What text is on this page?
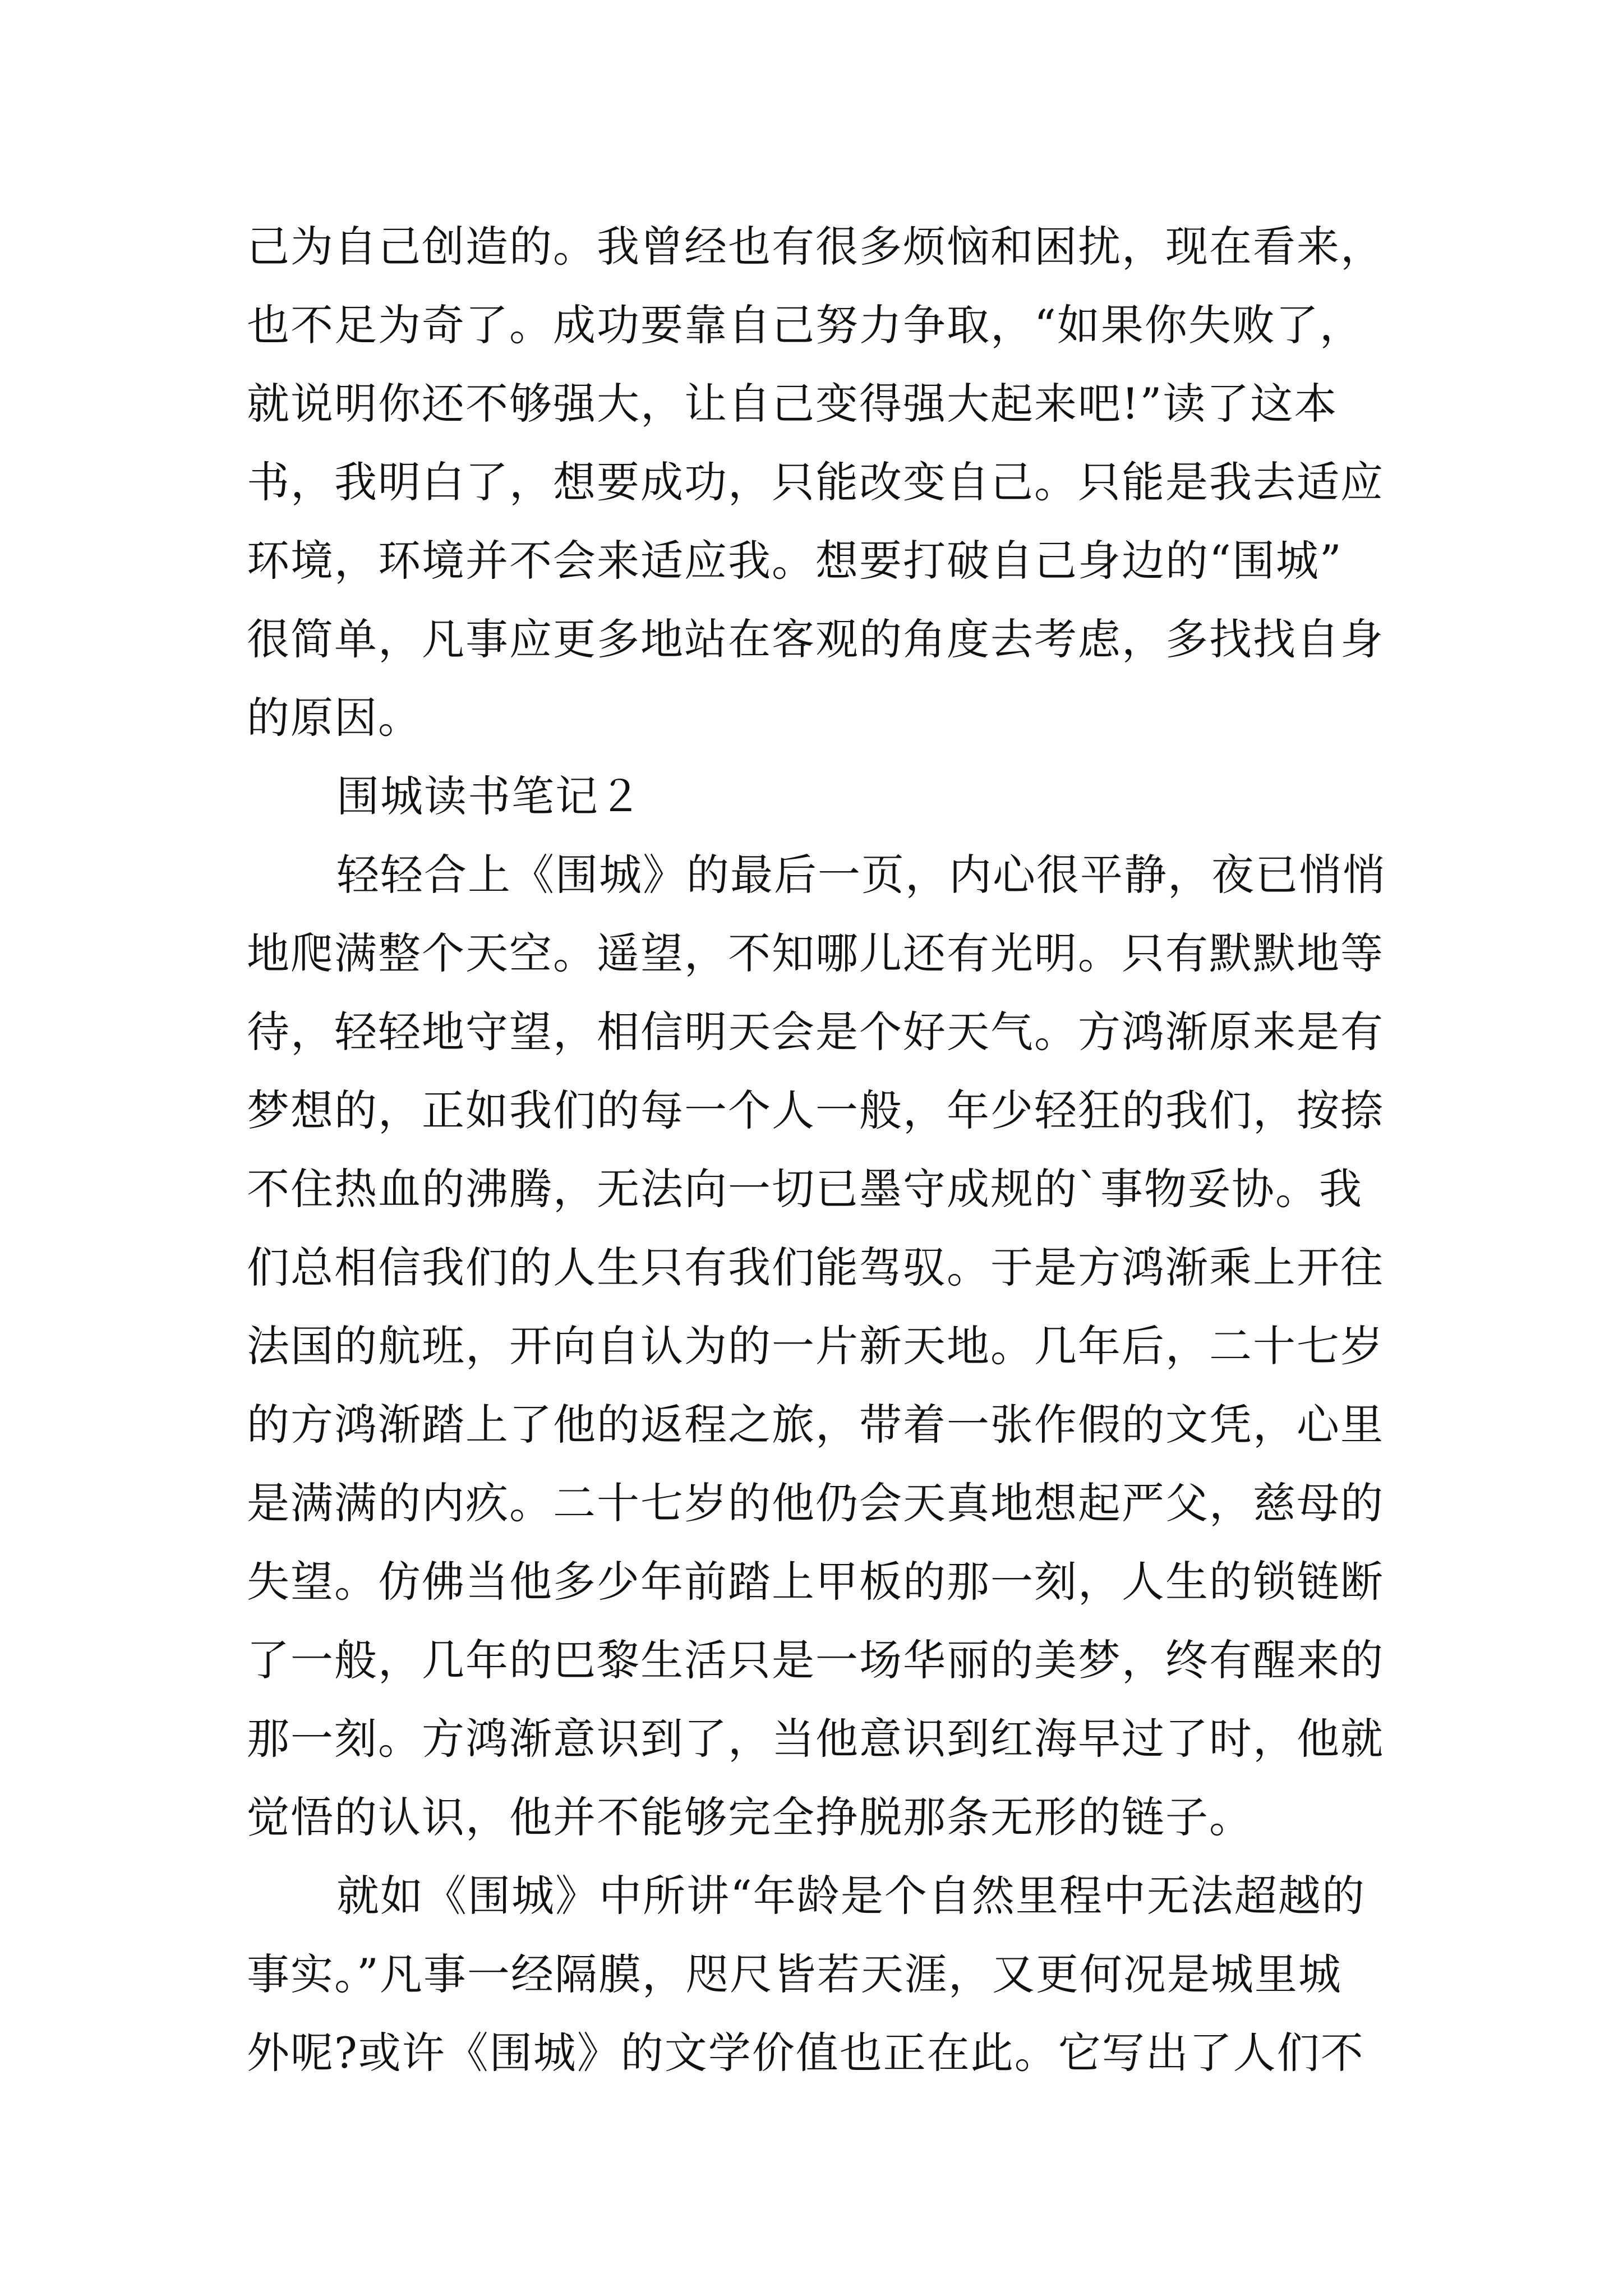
己为自己创造的。我曾经也有很多烦恼和困扰，现在看来，
也不足为奇了。成功要靠自己努力争取，“如果你失败了，
就说明你还不够强大，让自己变得强大起来吧!”读了这本
书，我明白了，想要成功，只能改变自己。只能是我去适应
环境，环境并不会来适应我。想要打破自己身边的“围城”
很简单，凡事应更多地站在客观的角度去考虑，多找找自身
的原因。
围城读书笔记２
轻轻合上《围城》的最后一页，内心很平静，夜已悄悄
地爬满整个天空。遥望，不知哪儿还有光明。只有默默地等
待，轻轻地守望，相信明天会是个好天气。方鸿渐原来是有
梦想的，正如我们的每一个人一般，年少轻狂的我们，按捺
不住热血的沸腾，无法向一切已墨守成规的`事物妥协。我
们总相信我们的人生只有我们能驾驭。于是方鸿渐乘上开往
法国的航班，开向自认为的一片新天地。几年后，二十七岁
的方鸿渐踏上了他的返程之旅，带着一张作假的文凭，心里
是满满的内疚。二十七岁的他仍会天真地想起严父，慈母的
失望。仿佛当他多少年前踏上甲板的那一刻，人生的锁链断
了一般，几年的巴黎生活只是一场华丽的美梦，终有醒来的
那一刻。方鸿渐意识到了，当他意识到红海早过了时，他就
觉悟的认识，他并不能够完全挣脱那条无形的链子。
就如《围城》中所讲“年龄是个自然里程中无法超越的
事实。”凡事一经隔膜，咫尺皆若天涯，又更何况是城里城
外呢?或许《围城》的文学价值也正在此。它写出了人们不
